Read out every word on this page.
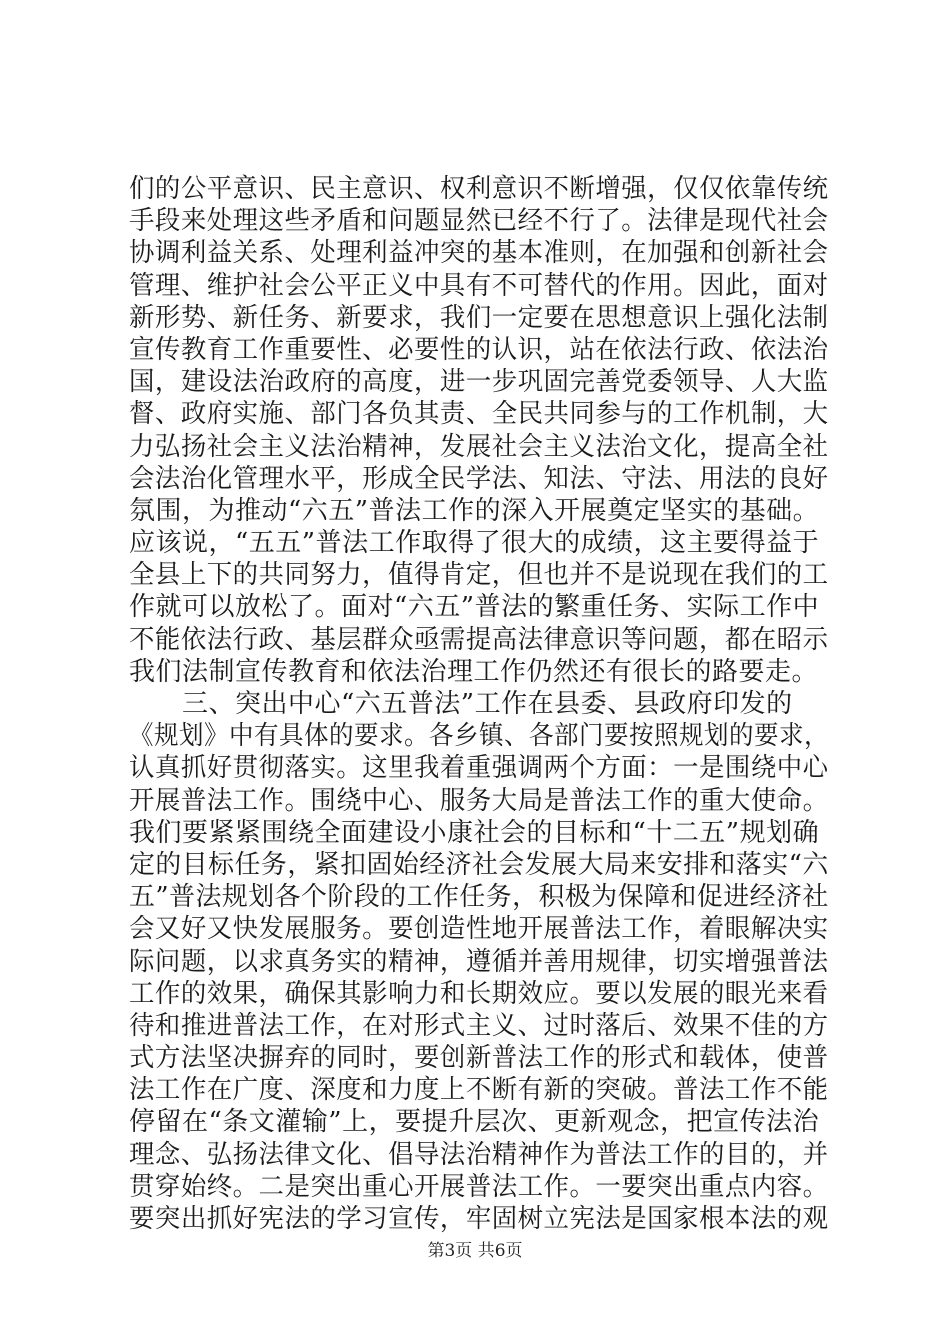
们的公平意识、民主意识、权利意识不断增强，仅仅依靠传统
手段来处理这些矛盾和问题显然已经不行了。法律是现代社会
协调利益关系、处理利益冲突的基本准则，在加强和创新社会
管理、维护社会公平正义中具有不可替代的作用。因此，面对
新形势、新任务、新要求，我们一定要在思想意识上强化法制
宣传教育工作重要性、必要性的认识，站在依法行政、依法治
国，建设法治政府的高度，进一步巩固完善党委领导、人大监
督、政府实施、部门各负其责、全民共同参与的工作机制，大
力弘扬社会主义法治精神，发展社会主义法治文化，提高全社
会法治化管理水平，形成全民学法、知法、守法、用法的良好
氛围，为推动“六五”普法工作的深入开展奠定坚实的基础。
应该说，“五五”普法工作取得了很大的成绩，这主要得益于
全县上下的共同努力，值得肯定，但也并不是说现在我们的工
作就可以放松了。面对“六五”普法的繁重任务、实际工作中
不能依法行政、基层群众亟需提高法律意识等问题，都在昭示
我们法制宣传教育和依法治理工作仍然还有很长的路要走。
　　三、突出中心“六五普法”工作在县委、县政府印发的
《规划》中有具体的要求。各乡镇、各部门要按照规划的要求，
认真抓好贯彻落实。这里我着重强调两个方面：一是围绕中心
开展普法工作。围绕中心、服务大局是普法工作的重大使命。
我们要紧紧围绕全面建设小康社会的目标和“十二五”规划确
定的目标任务，紧扣固始经济社会发展大局来安排和落实“六
五”普法规划各个阶段的工作任务，积极为保障和促进经济社
会又好又快发展服务。要创造性地开展普法工作，着眼解决实
际问题，以求真务实的精神，遵循并善用规律，切实增强普法
工作的效果，确保其影响力和长期效应。要以发展的眼光来看
待和推进普法工作，在对形式主义、过时落后、效果不佳的方
式方法坚决摒弃的同时，要创新普法工作的形式和载体，使普
法工作在广度、深度和力度上不断有新的突破。普法工作不能
停留在“条文灌输”上，要提升层次、更新观念，把宣传法治
理念、弘扬法律文化、倡导法治精神作为普法工作的目的，并
贯穿始终。二是突出重心开展普法工作。一要突出重点内容。
要突出抓好宪法的学习宣传，牢固树立宪法是国家根本法的观
第3页 共6页
